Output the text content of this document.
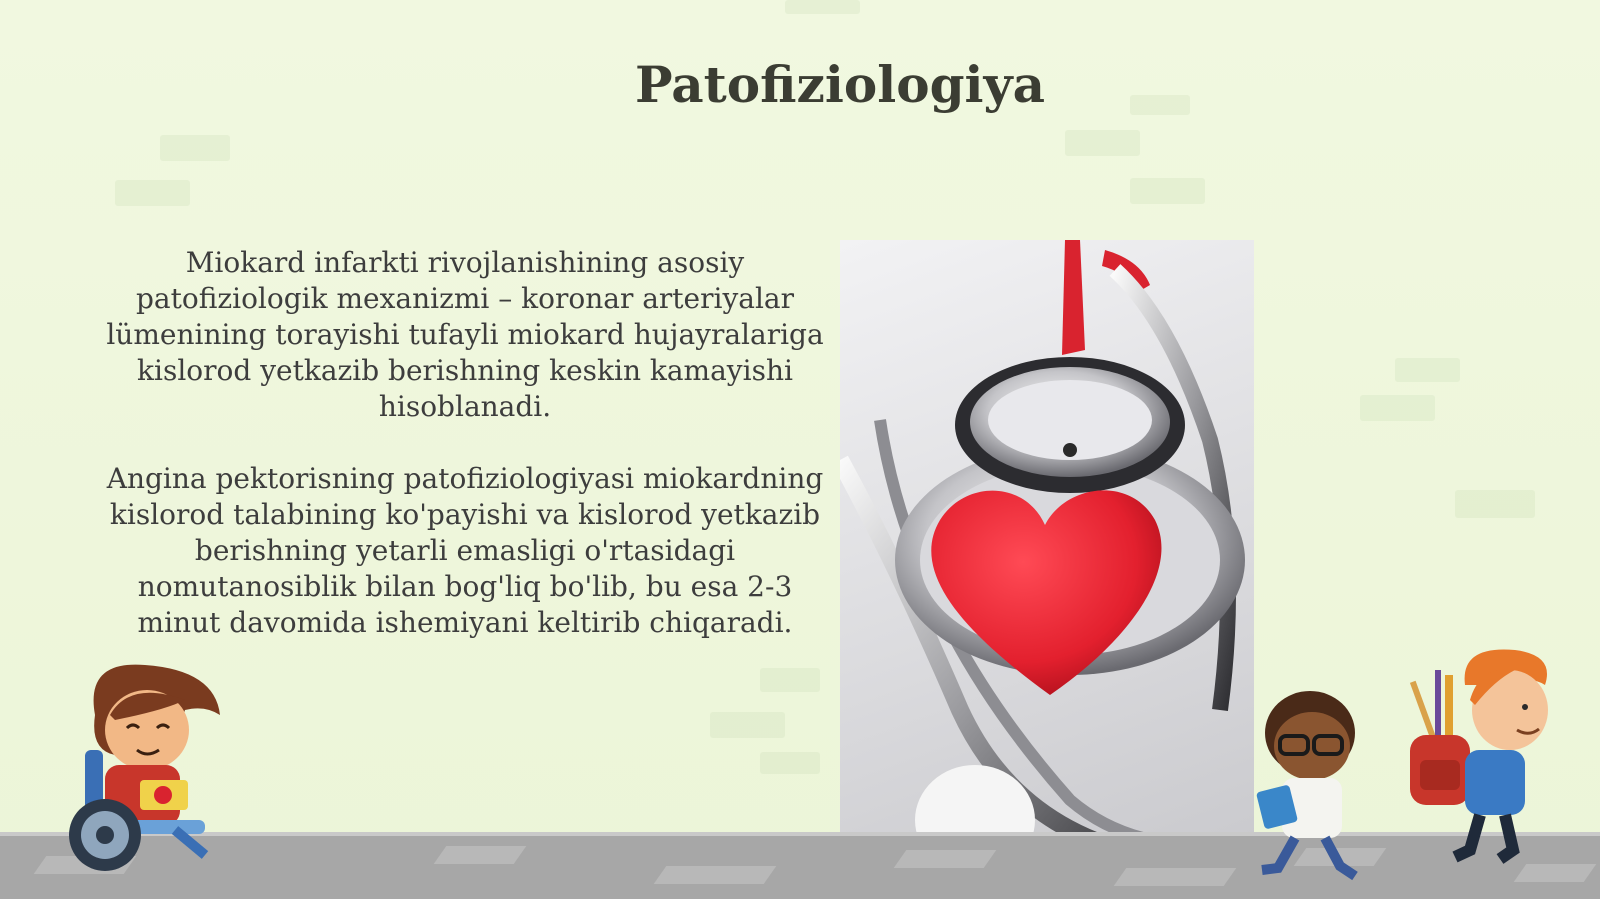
Patofiziologiya

Miokard infarkti rivojlanishining asosiy patofiziologik mexanizmi – koronar arteriyalar lümenining torayishi tufayli miokard hujayralariga kislorod yetkazib berishning keskin kamayishi hisoblanadi.

Angina pektorisning patofiziologiyasi miokardning kislorod talabining ko'payishi va kislorod yetkazib berishning yetarli emasligi o'rtasidagi nomutanosiblik bilan bog'liq bo'lib, bu esa 2-3 minut davomida ishemiyani keltirib chiqaradi.
